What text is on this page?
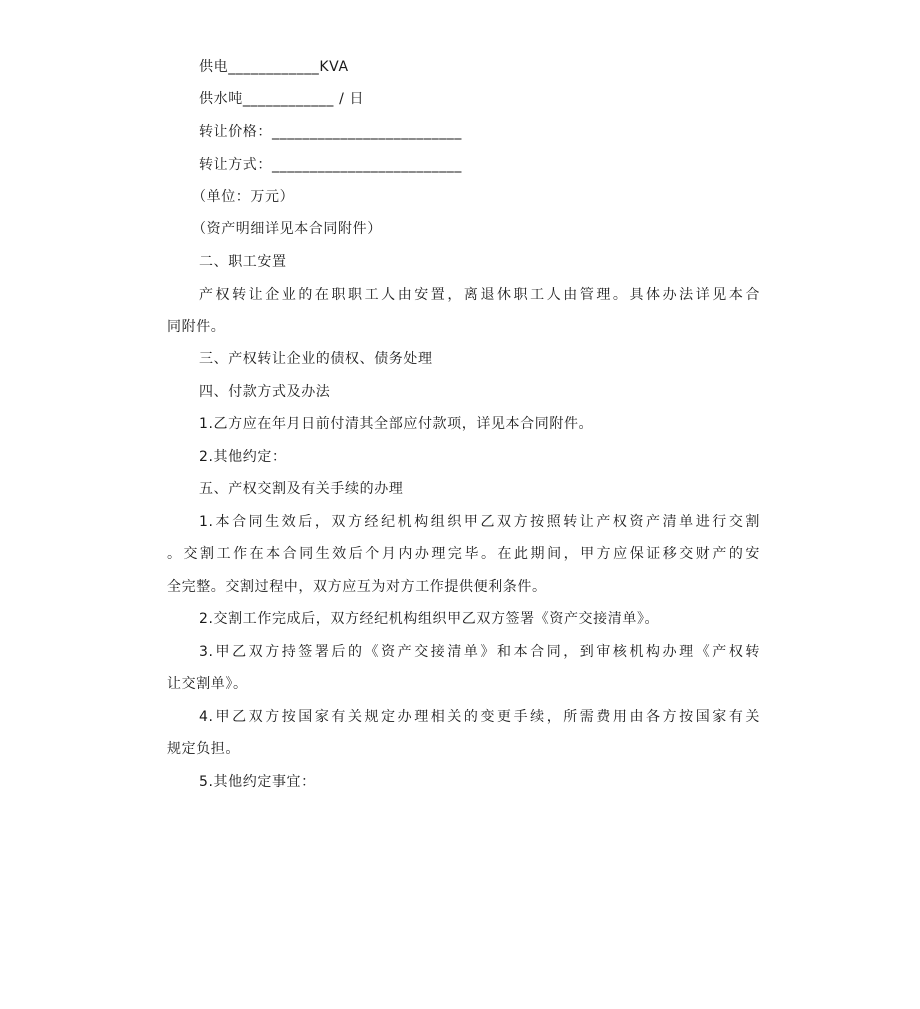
供电____________KVA
供水吨____________ / 日
转让价格：_________________________
转让方式：_________________________
（单位：万元）
（资产明细详见本合同附件）
二、职工安置
产权转让企业的在职职工人由安置，离退休职工人由管理。具体办法详见本合
同附件。
三、产权转让企业的债权、债务处理
四、付款方式及办法
1.乙方应在年月日前付清其全部应付款项，详见本合同附件。
2.其他约定：
五、产权交割及有关手续的办理
1.本合同生效后，双方经纪机构组织甲乙双方按照转让产权资产清单进行交割
。交割工作在本合同生效后个月内办理完毕。在此期间，甲方应保证移交财产的安
全完整。交割过程中，双方应互为对方工作提供便利条件。
2.交割工作完成后，双方经纪机构组织甲乙双方签署《资产交接清单》。
3.甲乙双方持签署后的《资产交接清单》和本合同，到审核机构办理《产权转
让交割单》。
4.甲乙双方按国家有关规定办理相关的变更手续，所需费用由各方按国家有关
规定负担。
5.其他约定事宜：
